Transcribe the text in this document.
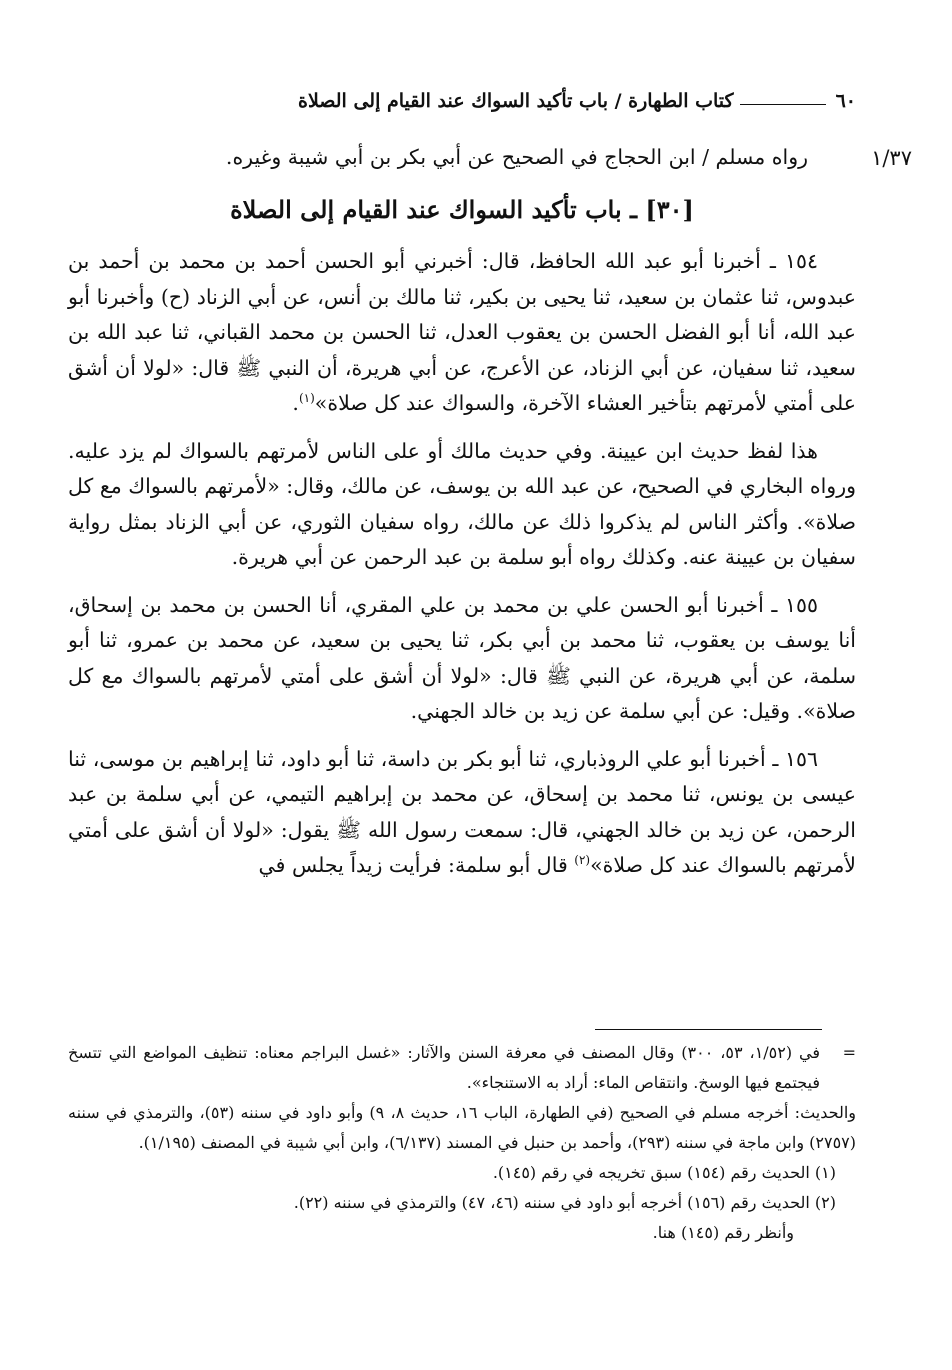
٦٠
كتاب الطهارة / باب تأكيد السواك عند القيام إلى الصلاة
١/٣٧
رواه مسلم / ابن الحجاج في الصحيح عن أبي بكر بن أبي شيبة وغيره.
[٣٠] ـ باب تأكيد السواك عند القيام إلى الصلاة

١٥٤ ـ أخبرنا أبو عبد الله الحافظ، قال: أخبرني أبو الحسن أحمد بن محمد بن أحمد بن عبدوس، ثنا عثمان بن سعيد، ثنا يحيى بن بكير، ثنا مالك بن أنس، عن أبي الزناد (ح) وأخبرنا أبو عبد الله، أنا أبو الفضل الحسن بن يعقوب العدل، ثنا الحسن بن محمد القباني، ثنا عبد الله بن سعيد، ثنا سفيان، عن أبي الزناد، عن الأعرج، عن أبي هريرة، أن النبي ﷺ قال: «لولا أن أشق على أمتي لأمرتهم بتأخير العشاء الآخرة، والسواك عند كل صلاة»$^{(١)}$.

هذا لفظ حديث ابن عيينة. وفي حديث مالك أو على الناس لأمرتهم بالسواك لم يزد عليه. ورواه البخاري في الصحيح، عن عبد الله بن يوسف، عن مالك، وقال: «لأمرتهم بالسواك مع كل صلاة». وأكثر الناس لم يذكروا ذلك عن مالك، رواه سفيان الثوري، عن أبي الزناد بمثل رواية سفيان بن عيينة عنه. وكذلك رواه أبو سلمة بن عبد الرحمن عن أبي هريرة.

١٥٥ ـ أخبرنا أبو الحسن علي بن محمد بن علي المقري، أنا الحسن بن محمد بن إسحاق، أنا يوسف بن يعقوب، ثنا محمد بن أبي بكر، ثنا يحيى بن سعيد، عن محمد بن عمرو، ثنا أبو سلمة، عن أبي هريرة، عن النبي ﷺ قال: «لولا أن أشق على أمتي لأمرتهم بالسواك مع كل صلاة». وقيل: عن أبي سلمة عن زيد بن خالد الجهني.

١٥٦ ـ أخبرنا أبو علي الروذباري، ثنا أبو بكر بن داسة، ثنا أبو داود، ثنا إبراهيم بن موسى، ثنا عيسى بن يونس، ثنا محمد بن إسحاق، عن محمد بن إبراهيم التيمي، عن أبي سلمة بن عبد الرحمن، عن زيد بن خالد الجهني، قال: سمعت رسول الله ﷺ يقول: «لولا أن أشق على أمتي لأمرتهم بالسواك عند كل صلاة»$^{(٢)}$ قال أبو سلمة: فرأيت زيداً يجلس في

=
في (١/٥٢، ٥٣، ٣٠٠) وقال المصنف في معرفة السنن والآثار: «غسل البراجم معناه: تنظيف المواضع التي تتسخ فيجتمع فيها الوسخ. وانتقاص الماء: أراد به الاستنجاء».

والحديث: أخرجه مسلم في الصحيح (في الطهارة، الباب ١٦، حديث ٨، ٩) وأبو داود في سننه (٥٣)، والترمذي في سننه (٢٧٥٧) وابن ماجة في سننه (٢٩٣)، وأحمد بن حنبل في المسند (٦/١٣٧)، وابن أبي شيبة في المصنف (١/١٩٥).

(١) الحديث رقم (١٥٤) سبق تخريجه في رقم (١٤٥).

(٢) الحديث رقم (١٥٦) أخرجه أبو داود في سننه (٤٦، ٤٧) والترمذي في سننه (٢٢).

وأنظر رقم (١٤٥) هنا.
